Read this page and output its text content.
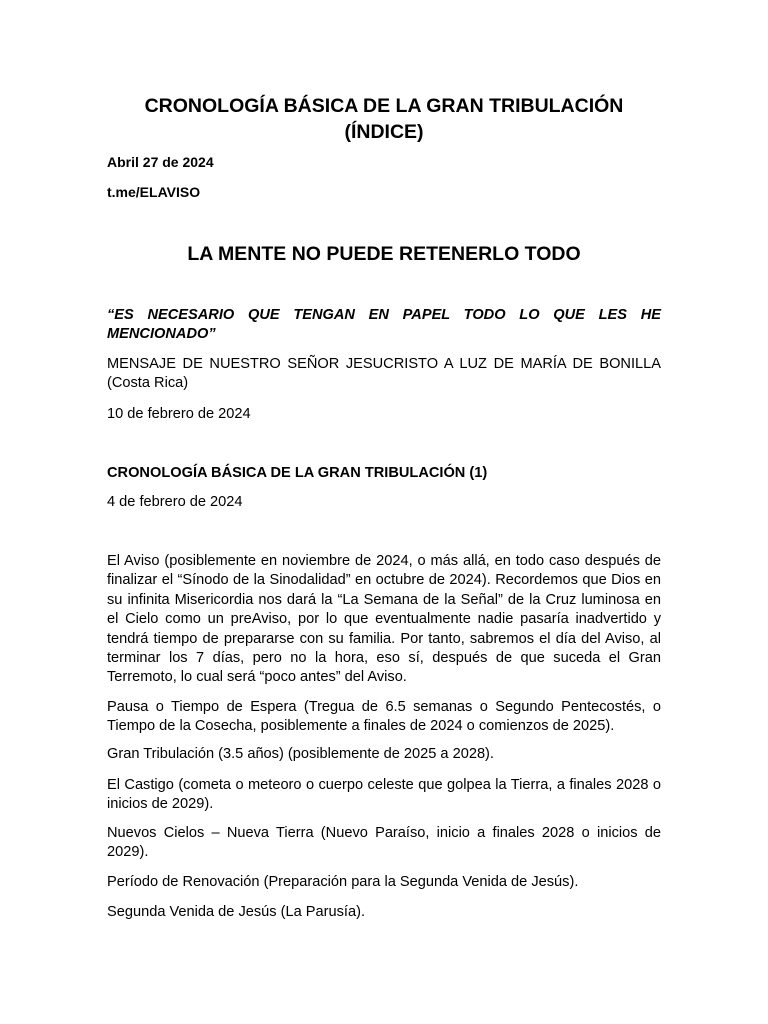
CRONOLOGÍA BÁSICA DE LA GRAN TRIBULACIÓN
(ÍNDICE)

Abril 27 de 2024

t.me/ELAVISO

LA MENTE NO PUEDE RETENERLO TODO

“ES NECESARIO QUE TENGAN EN PAPEL TODO LO QUE LES HE MENCIONADO”

MENSAJE DE NUESTRO SEÑOR JESUCRISTO A LUZ DE MARÍA DE BONILLA (Costa Rica)

10 de febrero de 2024

CRONOLOGÍA BÁSICA DE LA GRAN TRIBULACIÓN (1)

4 de febrero de 2024

El Aviso (posiblemente en noviembre de 2024, o más allá, en todo caso después de finalizar el “Sínodo de la Sinodalidad” en octubre de 2024). Recordemos que Dios en su infinita Misericordia nos dará la “La Semana de la Señal” de la Cruz luminosa en el Cielo como un preAviso, por lo que eventualmente nadie pasaría inadvertido y tendrá tiempo de prepararse con su familia. Por tanto, sabremos el día del Aviso, al terminar los 7 días, pero no la hora, eso sí, después de que suceda el Gran Terremoto, lo cual será “poco antes” del Aviso.

Pausa o Tiempo de Espera (Tregua de 6.5 semanas o Segundo Pentecostés, o Tiempo de la Cosecha, posiblemente a finales de 2024 o comienzos de 2025).

Gran Tribulación (3.5 años) (posiblemente de 2025 a 2028).

El Castigo (cometa o meteoro o cuerpo celeste que golpea la Tierra, a finales 2028 o inicios de 2029).

Nuevos Cielos – Nueva Tierra (Nuevo Paraíso, inicio a finales 2028 o inicios de 2029).

Período de Renovación (Preparación para la Segunda Venida de Jesús).

Segunda Venida de Jesús (La Parusía).
